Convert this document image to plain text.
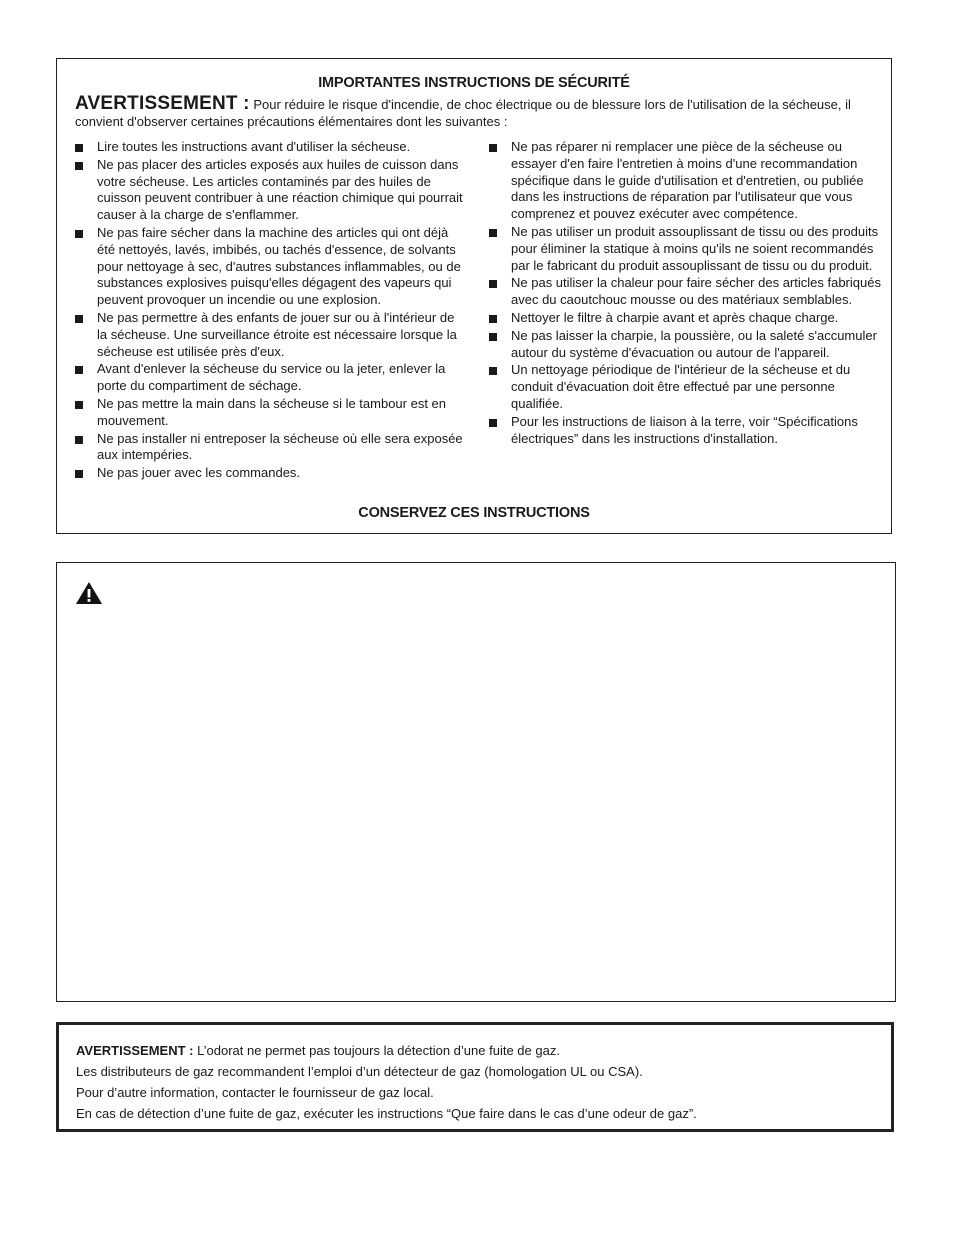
IMPORTANTES INSTRUCTIONS DE SÉCURITÉ
AVERTISSEMENT : Pour réduire le risque d'incendie, de choc électrique ou de blessure lors de l'utilisation de la sécheuse, il convient d'observer certaines précautions élémentaires dont les suivantes :
Lire toutes les instructions avant d'utiliser la sécheuse.
Ne pas placer des articles exposés aux huiles de cuisson dans votre sécheuse. Les articles contaminés par des huiles de cuisson peuvent contribuer à une réaction chimique qui pourrait causer à la charge de s'enflammer.
Ne pas faire sécher dans la machine des articles qui ont déjà été nettoyés, lavés, imbibés, ou tachés d'essence, de solvants pour nettoyage à sec, d'autres substances inflammables, ou de substances explosives puisqu'elles dégagent des vapeurs qui peuvent provoquer un incendie ou une explosion.
Ne pas permettre à des enfants de jouer sur ou à l'intérieur de la sécheuse. Une surveillance étroite est nécessaire lorsque la sécheuse est utilisée près d'eux.
Avant d'enlever la sécheuse du service ou la jeter, enlever la porte du compartiment de séchage.
Ne pas mettre la main dans la sécheuse si le tambour est en mouvement.
Ne pas installer ni entreposer la sécheuse où elle sera exposée aux intempéries.
Ne pas jouer avec les commandes.
Ne pas réparer ni remplacer une pièce de la sécheuse ou essayer d'en faire l'entretien à moins d'une recommandation spécifique dans le guide d'utilisation et d'entretien, ou publiée dans les instructions de réparation par l'utilisateur que vous comprenez et pouvez exécuter avec compétence.
Ne pas utiliser un produit assouplissant de tissu ou des produits pour éliminer la statique à moins qu'ils ne soient recommandés par le fabricant du produit assouplissant de tissu ou du produit.
Ne pas utiliser la chaleur pour faire sécher des articles fabriqués avec du caoutchouc mousse ou des matériaux semblables.
Nettoyer le filtre à charpie avant et après chaque charge.
Ne pas laisser la charpie, la poussière, ou la saleté s'accumuler autour du système d'évacuation ou autour de l'appareil.
Un nettoyage périodique de l'intérieur de la sécheuse et du conduit d'évacuation doit être effectué par une personne qualifiée.
Pour les instructions de liaison à la terre, voir “Spécifications électriques” dans les instructions d'installation.
CONSERVEZ CES INSTRUCTIONS

AVERTISSEMENT : L’odorat ne permet pas toujours la détection d’une fuite de gaz.

Les distributeurs de gaz recommandent l’emploi d’un détecteur de gaz (homologation UL ou CSA).

Pour d’autre information, contacter le fournisseur de gaz local.

En cas de détection d’une fuite de gaz, exécuter les instructions “Que faire dans le cas d’une odeur de gaz”.
